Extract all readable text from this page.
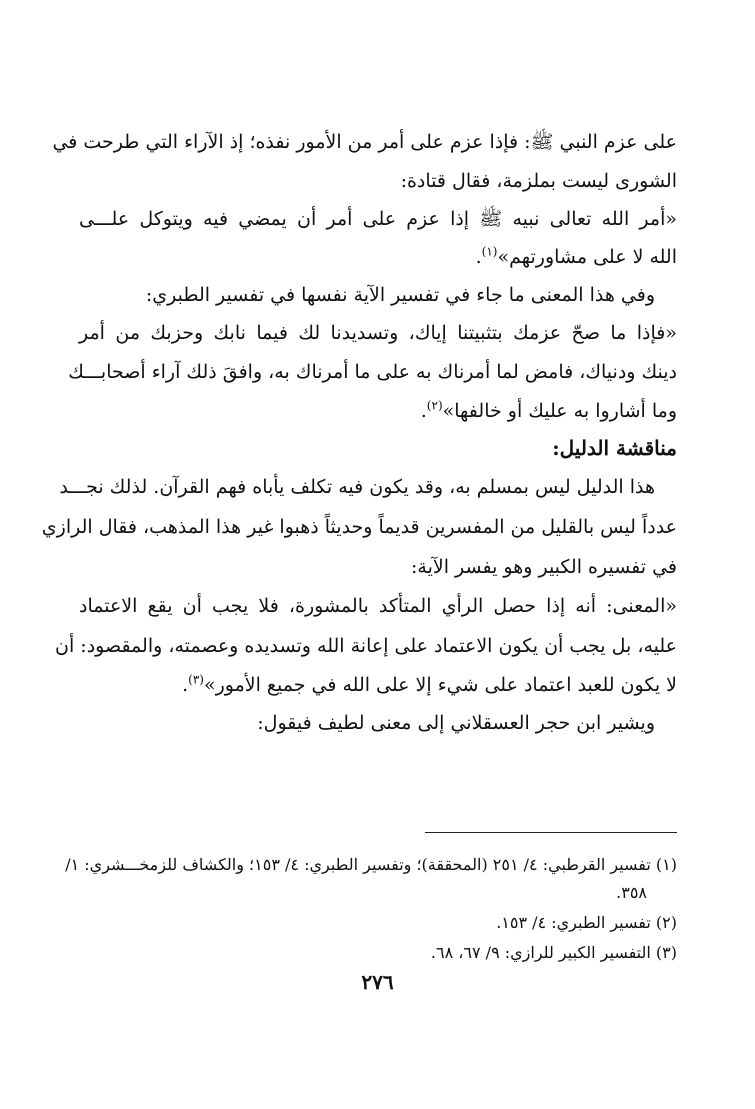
على عزم النبي ﷺ: فإذا عزم على أمر من الأمور نفذه؛ إذ الآراء التي طرحت في
الشورى ليست بملزمة، فقال قتادة:
«أمر الله تعالى نبيه ﷺ إذا عزم على أمر أن يمضي فيه ويتوكل علـــى
الله لا على مشاورتهم»$^{(١)}$.
وفي هذا المعنى ما جاء في تفسير الآية نفسها في تفسير الطبري:
«فإذا ما صحّ عزمك بتثبيتنا إياك، وتسديدنا لك فيما نابك وحزبك من أمر
دينك ودنياك، فامض لما أمرناك به على ما أمرناك به، وافقَ ذلك آراء أصحابـــك
وما أشاروا به عليك أو خالفها»$^{(٢)}$.
مناقشة الدليل:
هذا الدليل ليس بمسلم به، وقد يكون فيه تكلف يأباه فهم القرآن. لذلك نجـــد
عدداً ليس بالقليل من المفسرين قديماً وحديثاً ذهبوا غير هذا المذهب، فقال الرازي
في تفسيره الكبير وهو يفسر الآية:
«المعنى: أنه إذا حصل الرأي المتأكد بالمشورة، فلا يجب أن يقع الاعتماد
عليه، بل يجب أن يكون الاعتماد على إعانة الله وتسديده وعصمته، والمقصود: أن
لا يكون للعبد اعتماد على شيء إلا على الله في جميع الأمور»$^{(٣)}$.
ويشير ابن حجر العسقلاني إلى معنى لطيف فيقول:
(١) تفسير القرطبي: ٤/ ٢٥١ (المحققة)؛ وتفسير الطبري: ٤/ ١٥٣؛ والكشاف للزمخـــشري: ١/
٣٥٨.
(٢) تفسير الطبري: ٤/ ١٥٣.
(٣) التفسير الكبير للرازي: ٩/ ٦٧، ٦٨.
٢٧٦
